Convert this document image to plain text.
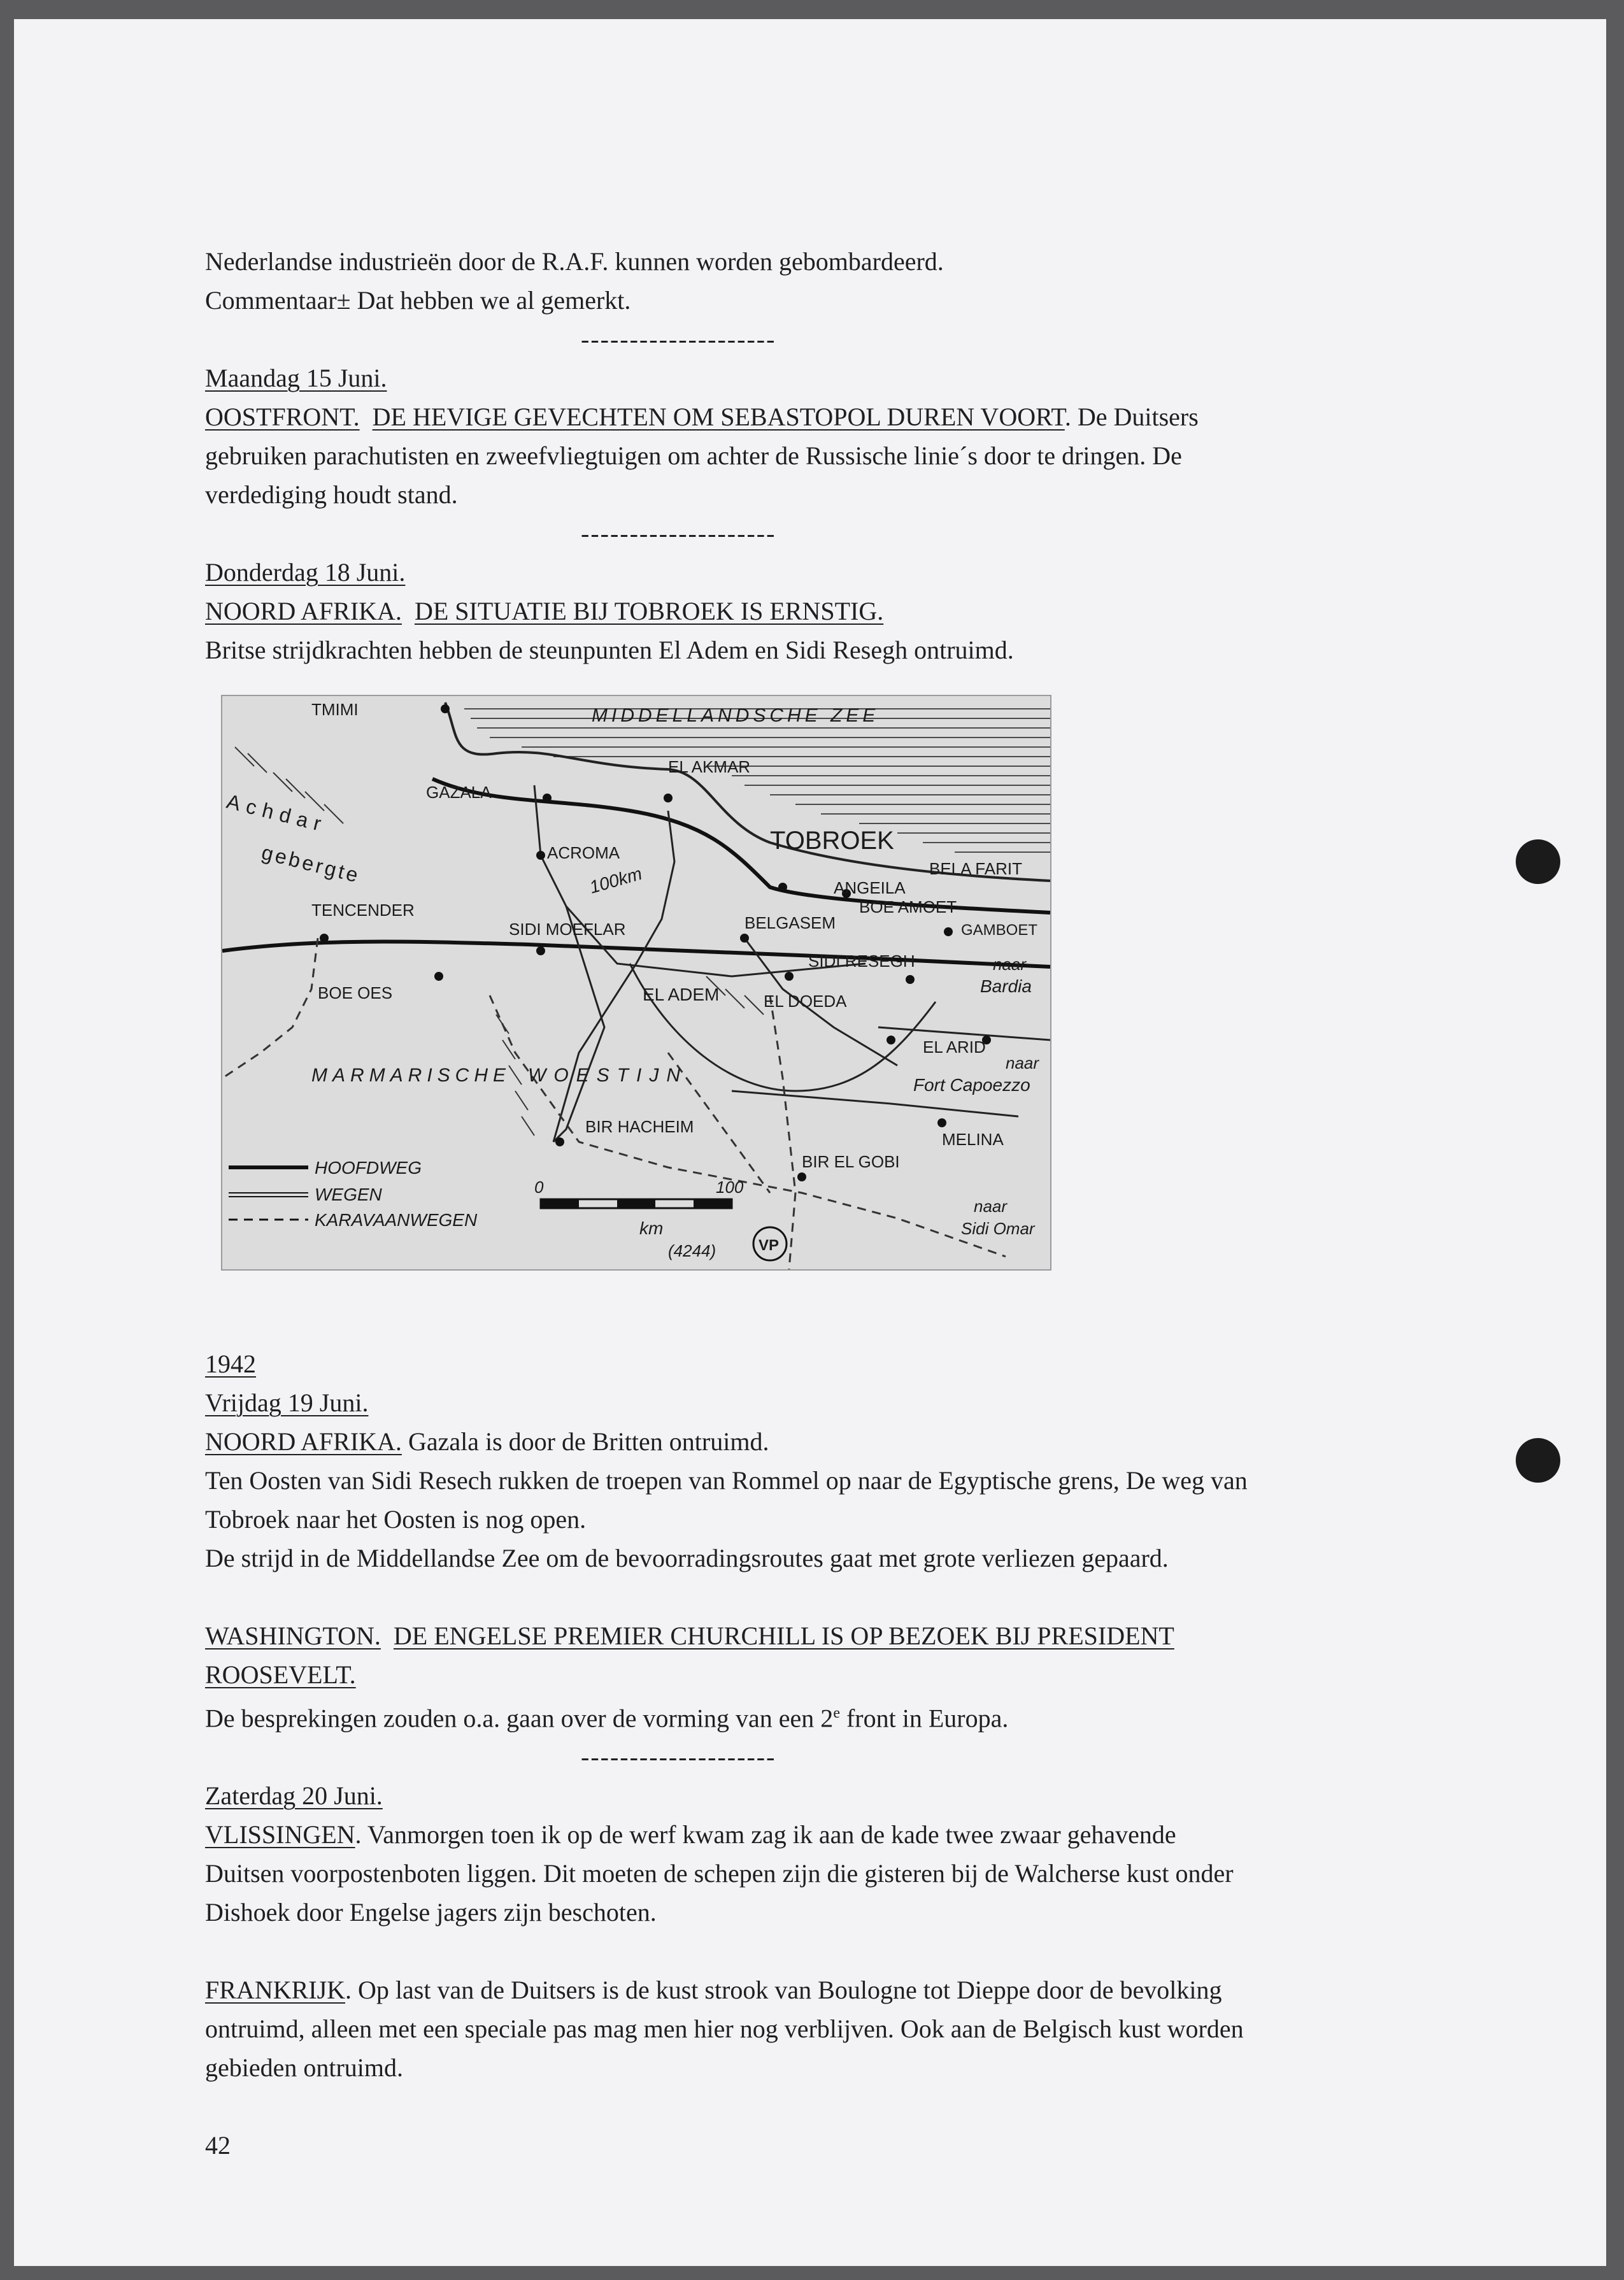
Nederlandse industrieën door de R.A.F. kunnen worden gebombardeerd.

Commentaar± Dat hebben we al gemerkt.

--------------------

Maandag 15 Juni.

OOSTFRONT. DE HEVIGE GEVECHTEN OM SEBASTOPOL DUREN VOORT. De Duitsers

gebruiken parachutisten en zweefvliegtuigen om achter de Russische linie´s door te dringen. De

verdediging houdt stand.

--------------------

Donderdag 18 Juni.

NOORD AFRIKA. DE SITUATIE BIJ TOBROEK IS ERNSTIG.

Britse strijdkrachten hebben de steunpunten El Adem en Sidi Resegh ontruimd.

MIDDELLANDSCHE ZEE
TMIMI
GAZALA
EL AKMAR
TOBROEK
Achdar
gebergte	ACROMA
100km	ANGEILA
BELA FARIT
BOE AMOET
TENCENDER
SIDI MOEFLAR	BELGASEM	GAMBOET
SIDI RESEGH	naar
Bardia
BOE OES	EL ADEM	EL DOEDA
EL ARID
naar
Fort Capoezzo
MARMARISCHE WOESTIJN
BIR HACHEIM
MELINA
BIR EL GOBI
naar
Sidi Omar
HOOFDWEG
WEGEN
KARAVAANWEGEN
0	100
km
(4244)	VP

1942

Vrijdag 19 Juni.

NOORD AFRIKA. Gazala is door de Britten ontruimd.

Ten Oosten van Sidi Resech rukken de troepen van Rommel op naar de Egyptische grens, De weg van

Tobroek naar het Oosten is nog open.

De strijd in de Middellandse Zee om de bevoorradingsroutes gaat met grote verliezen gepaard.

WASHINGTON. DE ENGELSE PREMIER CHURCHILL IS OP BEZOEK BIJ PRESIDENT

ROOSEVELT.

De besprekingen zouden o.a. gaan over de vorming van een 2e front in Europa.

--------------------

Zaterdag 20 Juni.

VLISSINGEN. Vanmorgen toen ik op de werf kwam zag ik aan de kade twee zwaar gehavende

Duitsen voorpostenboten liggen. Dit moeten de schepen zijn die gisteren bij de Walcherse kust onder

Dishoek door Engelse jagers zijn beschoten.

FRANKRIJK. Op last van de Duitsers is de kust strook van Boulogne tot Dieppe door de bevolking

ontruimd, alleen met een speciale pas mag men hier nog verblijven. Ook aan de Belgisch kust worden

gebieden ontruimd.

42
